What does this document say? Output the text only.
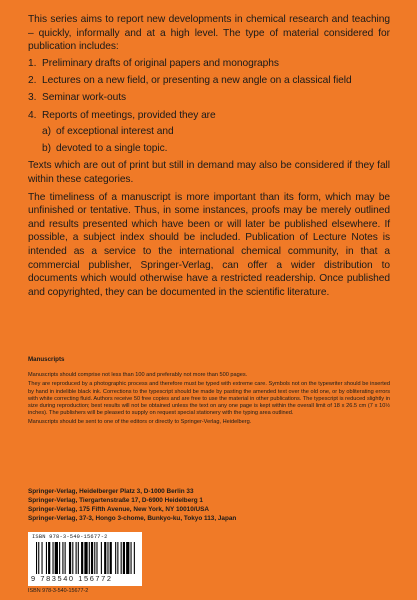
This series aims to report new developments in chemical research and teaching – quickly, informally and at a high level. The type of material considered for publication includes:

1. Preliminary drafts of original papers and monographs
2. Lectures on a new field, or presenting a new angle on a classical field
3. Seminar work-outs
4. Reports of meetings, provided they are
a) of exceptional interest and
b) devoted to a single topic.

Texts which are out of print but still in demand may also be considered if they fall within these categories.

The timeliness of a manuscript is more important than its form, which may be unfinished or tentative. Thus, in some instances, proofs may be merely outlined and results presented which have been or will later be published elsewhere. If possible, a subject index should be included. Publication of Lecture Notes is intended as a service to the international chemical community, in that a commercial publisher, Springer-Verlag, can offer a wider distribution to documents which would otherwise have a restricted readership. Once published and copyrighted, they can be documented in the scientific literature.

Manuscripts

Manuscripts should comprise not less than 100 and preferably not more than 500 pages.

They are reproduced by a photographic process and therefore must be typed with extreme care. Symbols not on the typewriter should be inserted by hand in indelible black ink. Corrections to the typescript should be made by pasting the amended text over the old one, or by obliterating errors with white correcting fluid. Authors receive 50 free copies and are free to use the material in other publications. The typescript is reduced slightly in size during reproduction; best results will not be obtained unless the text on any one page is kept within the overall limit of 18 x 26.5 cm (7 x 10½ inches). The publishers will be pleased to supply on request special stationery with the typing area outlined.

Manuscripts should be sent to one of the editors or directly to Springer-Verlag, Heidelberg.

Springer-Verlag, Heidelberger Platz 3, D-1000 Berlin 33
Springer-Verlag, Tiergartenstraße 17, D-6900 Heidelberg 1
Springer-Verlag, 175 Fifth Avenue, New York, NY 10010/USA
Springer-Verlag, 37-3, Hongo 3-chome, Bunkyo-ku, Tokyo 113, Japan
ISBN 978-3-540-15677-2
9 783540 156772
ISBN 978-3-540-15677-2
